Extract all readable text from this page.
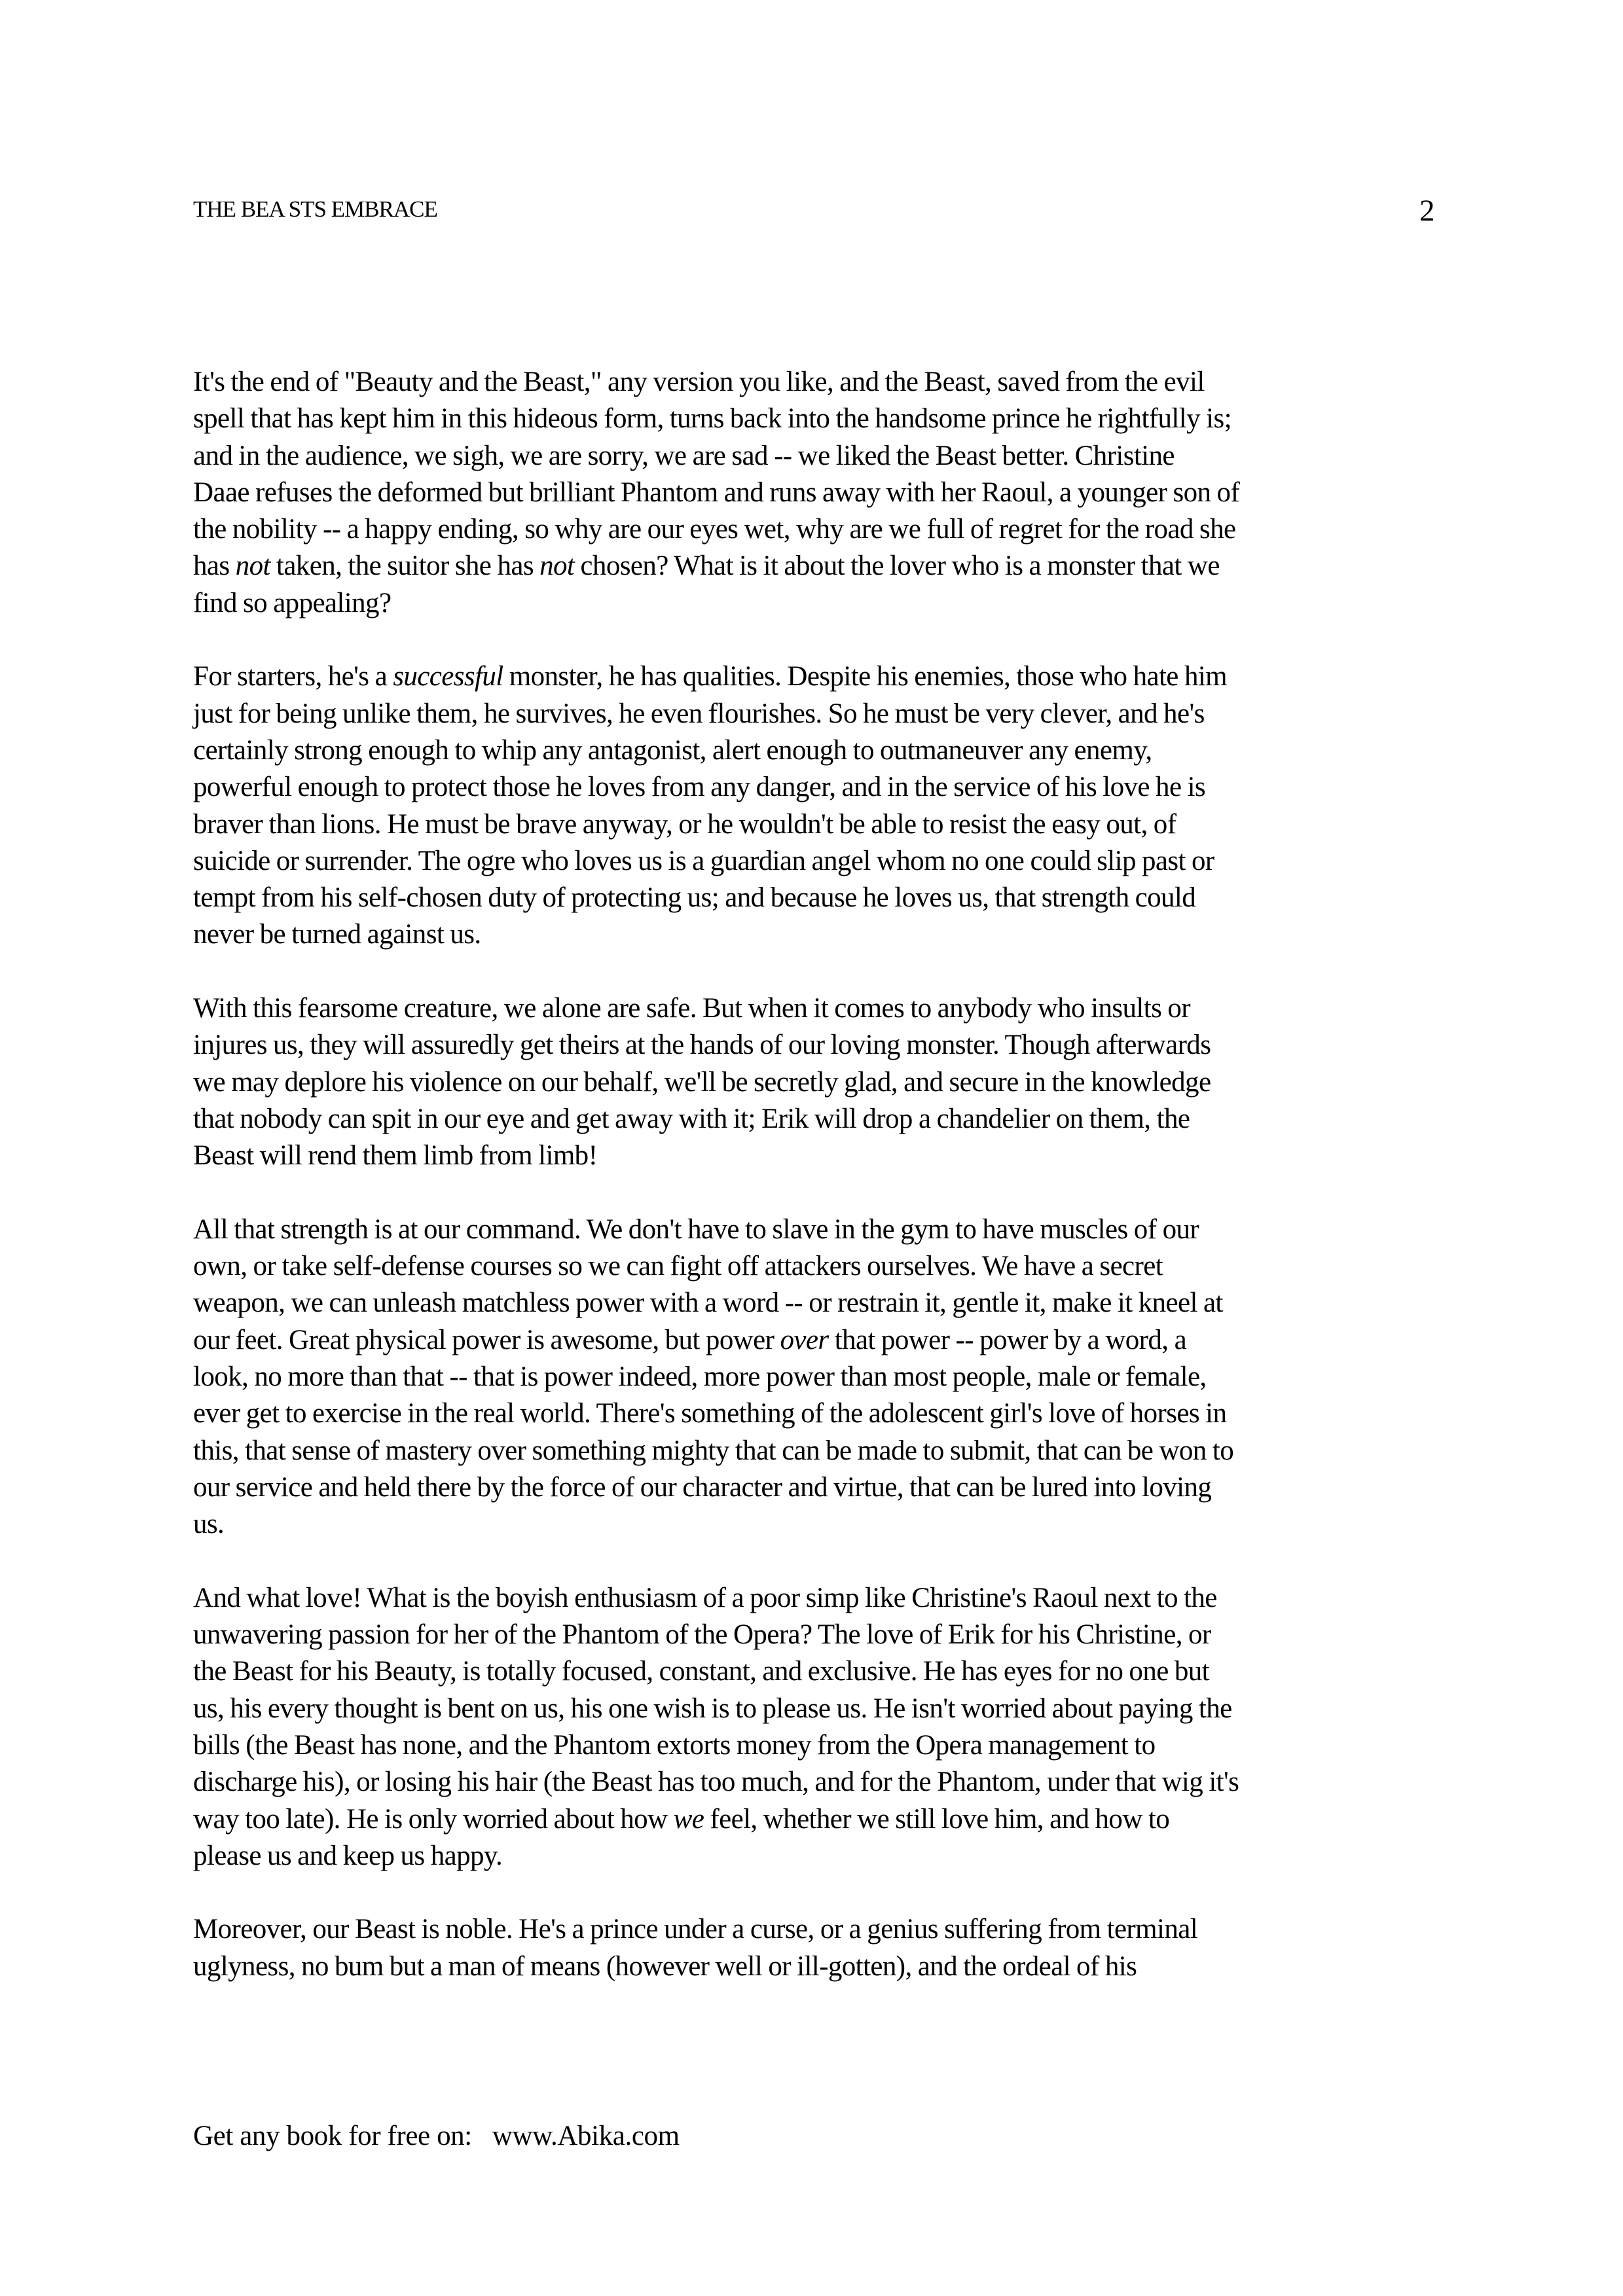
THE BEA STS EMBRACE	2
It's the end of "Beauty and the Beast," any version you like, and the Beast, saved from the evil
spell that has kept him in this hideous form, turns back into the handsome prince he rightfully is;
and in the audience, we sigh, we are sorry, we are sad -- we liked the Beast better. Christine
Daae refuses the deformed but brilliant Phantom and runs away with her Raoul, a younger son of
the nobility -- a happy ending, so why are our eyes wet, why are we full of regret for the road she
has not taken, the suitor she has not chosen? What is it about the lover who is a monster that we
find so appealing?
For starters, he's a successful monster, he has qualities. Despite his enemies, those who hate him
just for being unlike them, he survives, he even flourishes. So he must be very clever, and he's
certainly strong enough to whip any antagonist, alert enough to outmaneuver any enemy,
powerful enough to protect those he loves from any danger, and in the service of his love he is
braver than lions. He must be brave anyway, or he wouldn't be able to resist the easy out, of
suicide or surrender. The ogre who loves us is a guardian angel whom no one could slip past or
tempt from his self-chosen duty of protecting us; and because he loves us, that strength could
never be turned against us.
With this fearsome creature, we alone are safe. But when it comes to anybody who insults or
injures us, they will assuredly get theirs at the hands of our loving monster. Though afterwards
we may deplore his violence on our behalf, we'll be secretly glad, and secure in the knowledge
that nobody can spit in our eye and get away with it; Erik will drop a chandelier on them, the
Beast will rend them limb from limb!
All that strength is at our command. We don't have to slave in the gym to have muscles of our
own, or take self-defense courses so we can fight off attackers ourselves. We have a secret
weapon, we can unleash matchless power with a word -- or restrain it, gentle it, make it kneel at
our feet. Great physical power is awesome, but power over that power -- power by a word, a
look, no more than that -- that is power indeed, more power than most people, male or female,
ever get to exercise in the real world. There's something of the adolescent girl's love of horses in
this, that sense of mastery over something mighty that can be made to submit, that can be won to
our service and held there by the force of our character and virtue, that can be lured into loving
us.
And what love! What is the boyish enthusiasm of a poor simp like Christine's Raoul next to the
unwavering passion for her of the Phantom of the Opera? The love of Erik for his Christine, or
the Beast for his Beauty, is totally focused, constant, and exclusive. He has eyes for no one but
us, his every thought is bent on us, his one wish is to please us. He isn't worried about paying the
bills (the Beast has none, and the Phantom extorts money from the Opera management to
discharge his), or losing his hair (the Beast has too much, and for the Phantom, under that wig it's
way too late). He is only worried about how we feel, whether we still love him, and how to
please us and keep us happy.
Moreover, our Beast is noble. He's a prince under a curse, or a genius suffering from terminal
uglyness, no bum but a man of means (however well or ill-gotten), and the ordeal of his
Get any book for free on:   www.Abika.com
